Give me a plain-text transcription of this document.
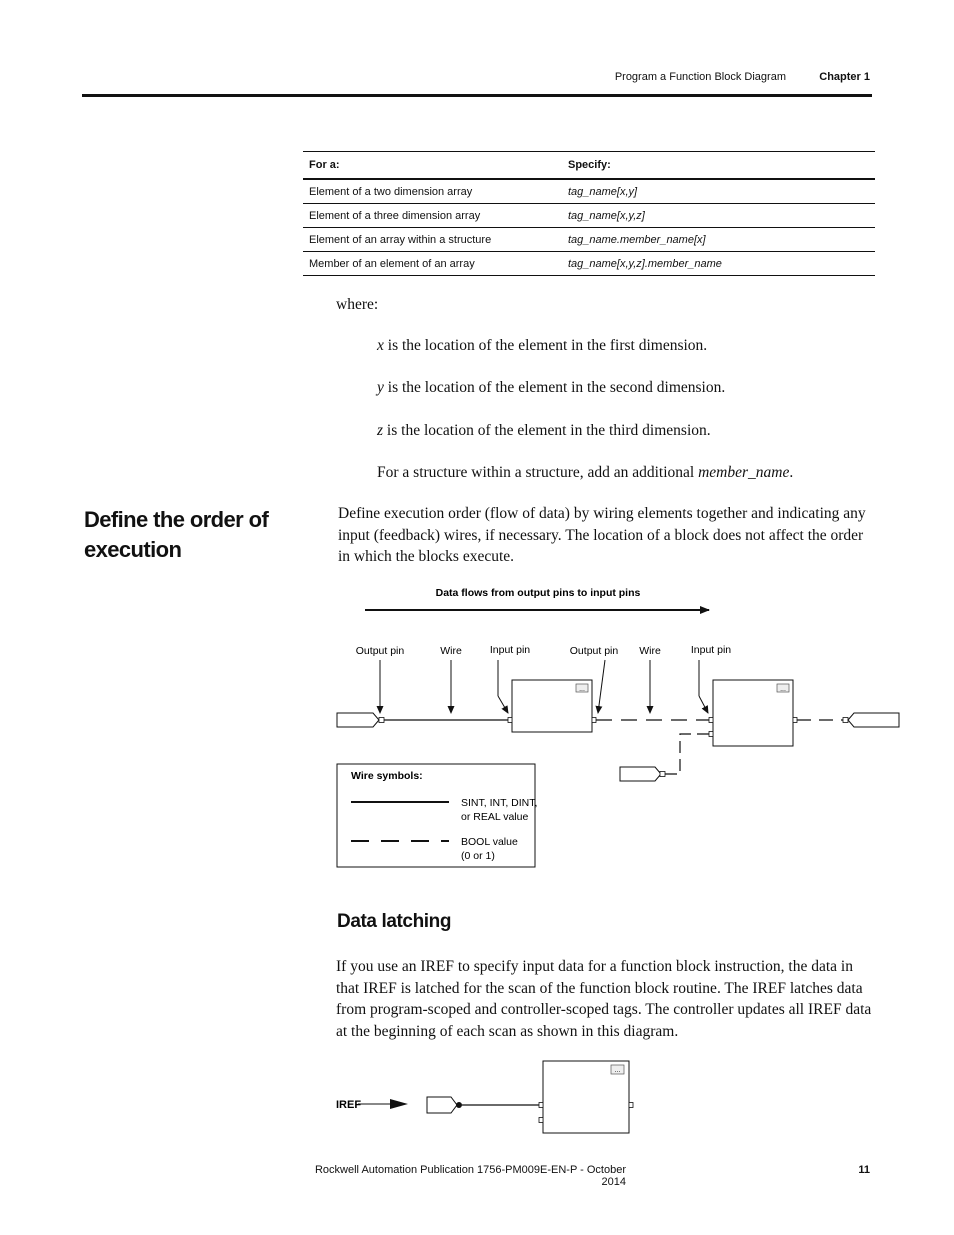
Program a Function Block Diagram	Chapter 1
For a:	Specify:
Element of a two dimension array	tag_name[x,y]
Element of a three dimension array	tag_name[x,y,z]
Element of an array within a structure	tag_name.member_name[x]
Member of an element of an array	tag_name[x,y,z].member_name
where:
x is the location of the element in the first dimension.
y is the location of the element in the second dimension.
z is the location of the element in the third dimension.
For a structure within a structure, add an additional member_name.
Define the order of execution
Define execution order (flow of data) by wiring elements together and indicating any input (feedback) wires, if necessary. The location of a block does not affect the order in which the blocks execute.
Data flows from output pins to input pins
Output pin	Wire	Input pin	Output pin Wire	Input pin
...	...
Wire symbols:
SINT, INT, DINT,
or REAL value
BOOL value
(0 or 1)
IREF
...
Data latching
If you use an IREF to specify input data for a function block instruction, the data in that IREF is latched for the scan of the function block routine. The IREF latches data from program-scoped and controller-scoped tags. The controller updates all IREF data at the beginning of each scan as shown in this diagram.
Rockwell Automation Publication 1756-PM009E-EN-P - October 2014
11
